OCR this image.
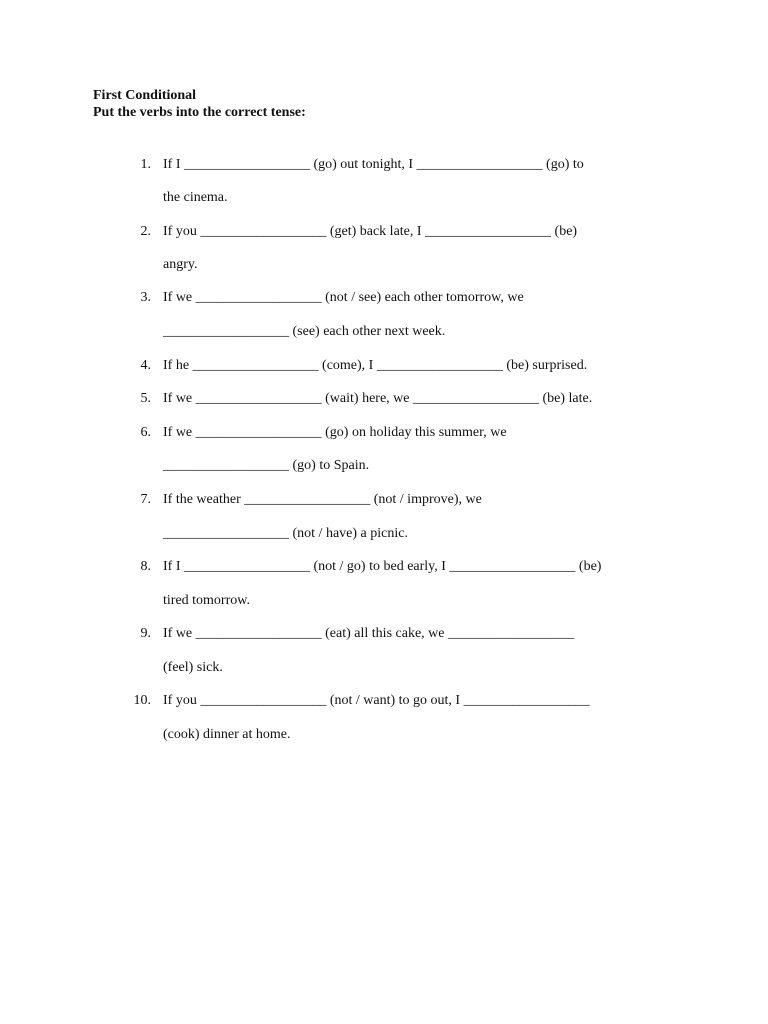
First Conditional
Put the verbs into the correct tense:
1. If I __________________ (go) out tonight, I __________________ (go) to
the cinema.
2. If you __________________ (get) back late, I __________________ (be)
angry.
3. If we __________________ (not / see) each other tomorrow, we
__________________ (see) each other next week.
4. If he __________________ (come), I __________________ (be) surprised.
5. If we __________________ (wait) here, we __________________ (be) late.
6. If we __________________ (go) on holiday this summer, we
__________________ (go) to Spain.
7. If the weather __________________ (not / improve), we
__________________ (not / have) a picnic.
8. If I __________________ (not / go) to bed early, I __________________ (be)
tired tomorrow.
9. If we __________________ (eat) all this cake, we __________________
(feel) sick.
10. If you __________________ (not / want) to go out, I __________________
(cook) dinner at home.
